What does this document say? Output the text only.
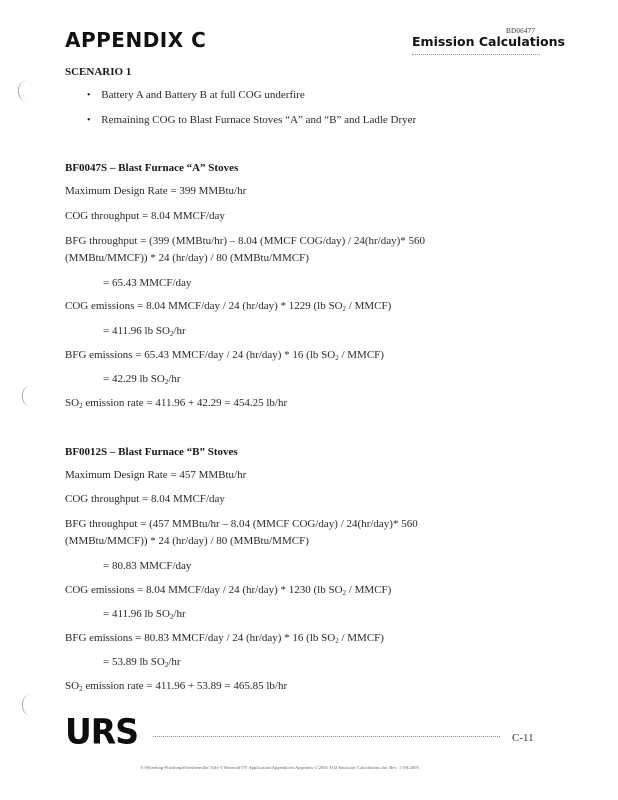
BD06477
APPENDIX C	Emission Calculations
SCENARIO 1
• Battery A and Battery B at full COG underfire
• Remaining COG to Blast Furnace Stoves “A” and “B” and Ladle Dryer
BF0047S – Blast Furnace “A” Stoves
Maximum Design Rate = 399 MMBtu/hr
COG throughput = 8.04 MMCF/day
BFG throughput = (399 (MMBtu/hr) – 8.04 (MMCF COG/day) / 24(hr/day)* 560
(MMBtu/MMCF)) * 24 (hr/day) / 80 (MMBtu/MMCF)
= 65.43 MMCF/day
COG emissions = 8.04 MMCF/day / 24 (hr/day) * 1229 (lb $SO_2$ / MMCF)
= 411.96 lb $SO_2/hr$
BFG emissions = 65.43 MMCF/day / 24 (hr/day) * 16 (lb $SO_2$ / MMCF)
= 42.29 lb $SO_2/hr$
$SO_2$ emission rate = 411.96 + 42.29 = 454.25 lb/hr
BF0012S – Blast Furnace “B” Stoves
Maximum Design Rate = 457 MMBtu/hr
COG throughput = 8.04 MMCF/day
BFG throughput = (457 MMBtu/hr – 8.04 (MMCF COG/day) / 24(hr/day)* 560
(MMBtu/MMCF)) * 24 (hr/day) / 80 (MMBtu/MMCF)
= 80.83 MMCF/day
COG emissions = 8.04 MMCF/day / 24 (hr/day) * 1230 (lb $SO_2$ / MMCF)
= 411.96 lb $SO_2/hr$
BFG emissions = 80.83 MMCF/day / 24 (hr/day) * 16 (lb $SO_2$ / MMCF)
= 53.89 lb $SO_2/hr$
$SO_2$ emission rate = 411.96 + 53.89 = 465.85 lb/hr
URS	C-11
T:\Wheeling-Pittsburgh\Steubenville\Title V Renewal\TV Application\Appendices\Appendix C\2005 SO2 Emission Calculations.doc Rev. 1 9/8/2005
